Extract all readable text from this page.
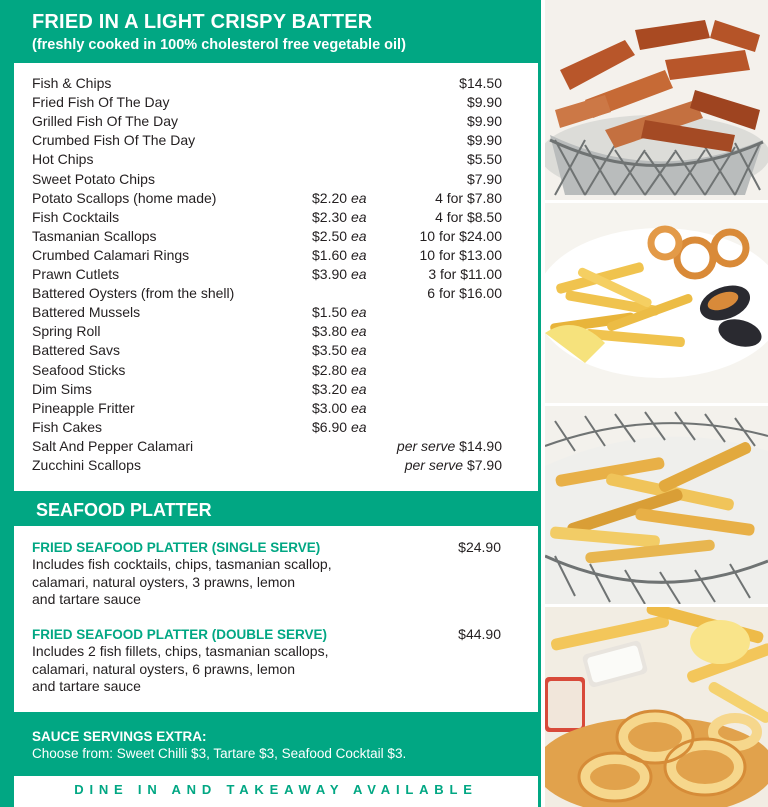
FRIED IN A LIGHT CRISPY BATTER
(freshly cooked in 100% cholesterol free vegetable oil)
Fish & Chips	$14.50
Fried Fish Of The Day	$9.90
Grilled Fish Of The Day	$9.90
Crumbed Fish Of The Day	$9.90
Hot Chips	$5.50
Sweet Potato Chips	$7.90
Potato Scallops (home made)	$2.20 ea	4 for $7.80
Fish Cocktails	$2.30 ea	4 for $8.50
Tasmanian Scallops	$2.50 ea	10 for $24.00
Crumbed Calamari Rings	$1.60 ea	10 for $13.00
Prawn Cutlets	$3.90 ea	3 for $11.00
Battered Oysters (from the shell)	6 for $16.00
Battered Mussels	$1.50 ea
Spring Roll	$3.80 ea
Battered Savs	$3.50 ea
Seafood Sticks	$2.80 ea
Dim Sims	$3.20 ea
Pineapple Fritter	$3.00 ea
Fish Cakes	$6.90 ea
Salt And Pepper Calamari	per serve $14.90
Zucchini Scallops	per serve $7.90
SEAFOOD PLATTER
FRIED SEAFOOD PLATTER (SINGLE SERVE)	$24.90
Includes fish cocktails, chips, tasmanian scallop,
calamari, natural oysters, 3 prawns, lemon
and tartare sauce
FRIED SEAFOOD PLATTER (DOUBLE SERVE)	$44.90
Includes 2 fish fillets, chips, tasmanian scallops,
calamari, natural oysters, 6 prawns, lemon
and tartare sauce
SAUCE SERVINGS EXTRA:
Choose from: Sweet Chilli $3, Tartare $3, Seafood Cocktail $3.
DINE IN AND TAKEAWAY AVAILABLE
